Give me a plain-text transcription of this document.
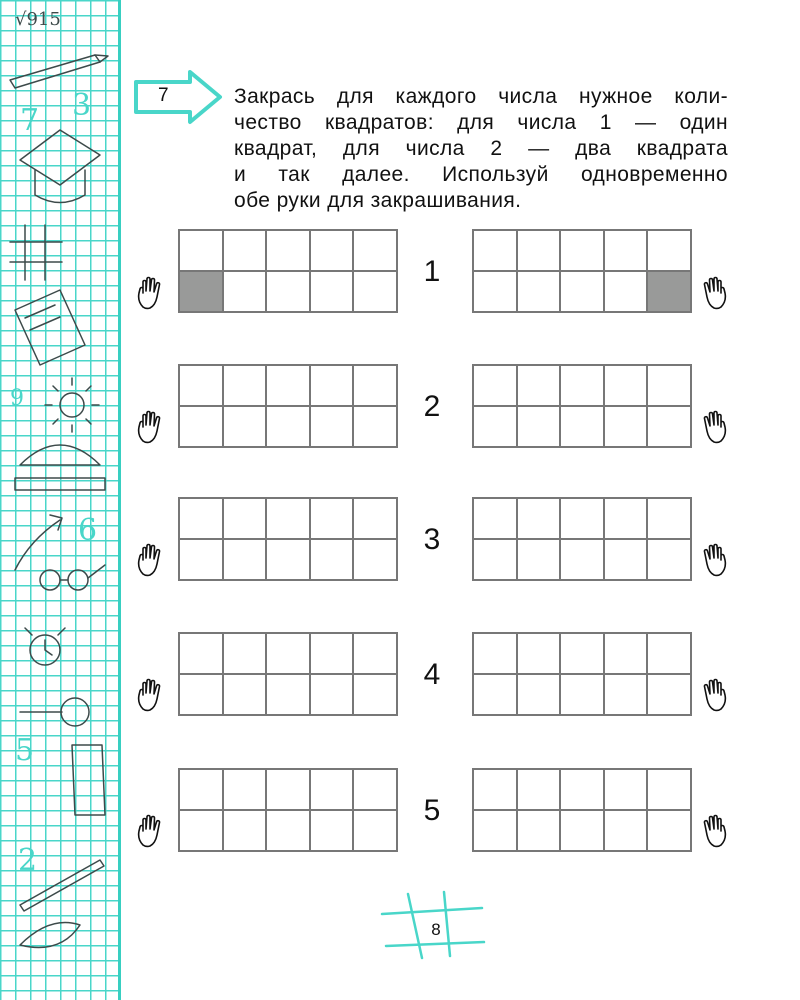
3
7
6
5
2
9
√915
7	Закрась для каждого числа нужное коли-
чество квадратов: для числа 1 — один
квадрат, для числа 2 — два квадрата
и так далее. Используй одновременно
обе руки для закрашивания.
1
2
3
4
5
8
